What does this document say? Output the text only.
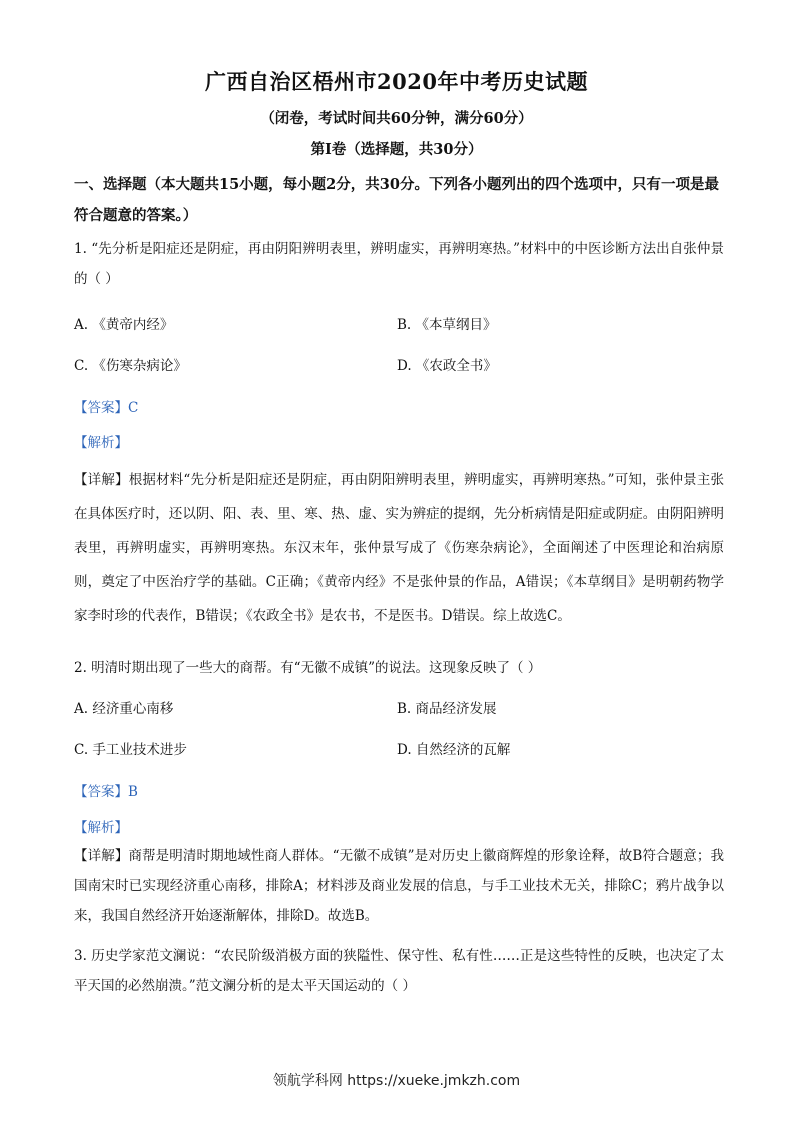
广西自治区梧州市2020年中考历史试题
（闭卷，考试时间共60分钟，满分60分）
第Ⅰ卷（选择题，共30分）
一、选择题（本大题共15小题，每小题2分，共30分。下列各小题列出的四个选项中，只有一项是最符合题意的答案。）
1. “先分析是阳症还是阴症，再由阴阳辨明表里，辨明虚实，再辨明寒热。”材料中的中医诊断方法出自张仲景的（ ）
A. 《黄帝内经》	B. 《本草纲目》
C. 《伤寒杂病论》	D. 《农政全书》
【答案】C
【解析】
【详解】根据材料“先分析是阳症还是阴症，再由阴阳辨明表里，辨明虚实，再辨明寒热。”可知，张仲景主张在具体医疗时，还以阴、阳、表、里、寒、热、虚、实为辨症的提纲，先分析病情是阳症或阴症。由阴阳辨明表里，再辨明虚实，再辨明寒热。东汉末年，张仲景写成了《伤寒杂病论》，全面阐述了中医理论和治病原则，奠定了中医治疗学的基础。C正确；《黄帝内经》不是张仲景的作品，A错误；《本草纲目》是明朝药物学家李时珍的代表作，B错误；《农政全书》是农书，不是医书。D错误。综上故选C。
2. 明清时期出现了一些大的商帮。有“无徽不成镇”的说法。这现象反映了（ ）
A. 经济重心南移	B. 商品经济发展
C. 手工业技术进步	D. 自然经济的瓦解
【答案】B
【解析】
【详解】商帮是明清时期地域性商人群体。“无徽不成镇”是对历史上徽商辉煌的形象诠释，故B符合题意；我国南宋时已实现经济重心南移，排除A；材料涉及商业发展的信息，与手工业技术无关，排除C；鸦片战争以来，我国自然经济开始逐渐解体，排除D。故选B。
3. 历史学家范文澜说：“农民阶级消极方面的狭隘性、保守性、私有性……正是这些特性的反映，也决定了太平天国的必然崩溃。”范文澜分析的是太平天国运动的（ ）
领航学科网 https://xueke.jmkzh.com
